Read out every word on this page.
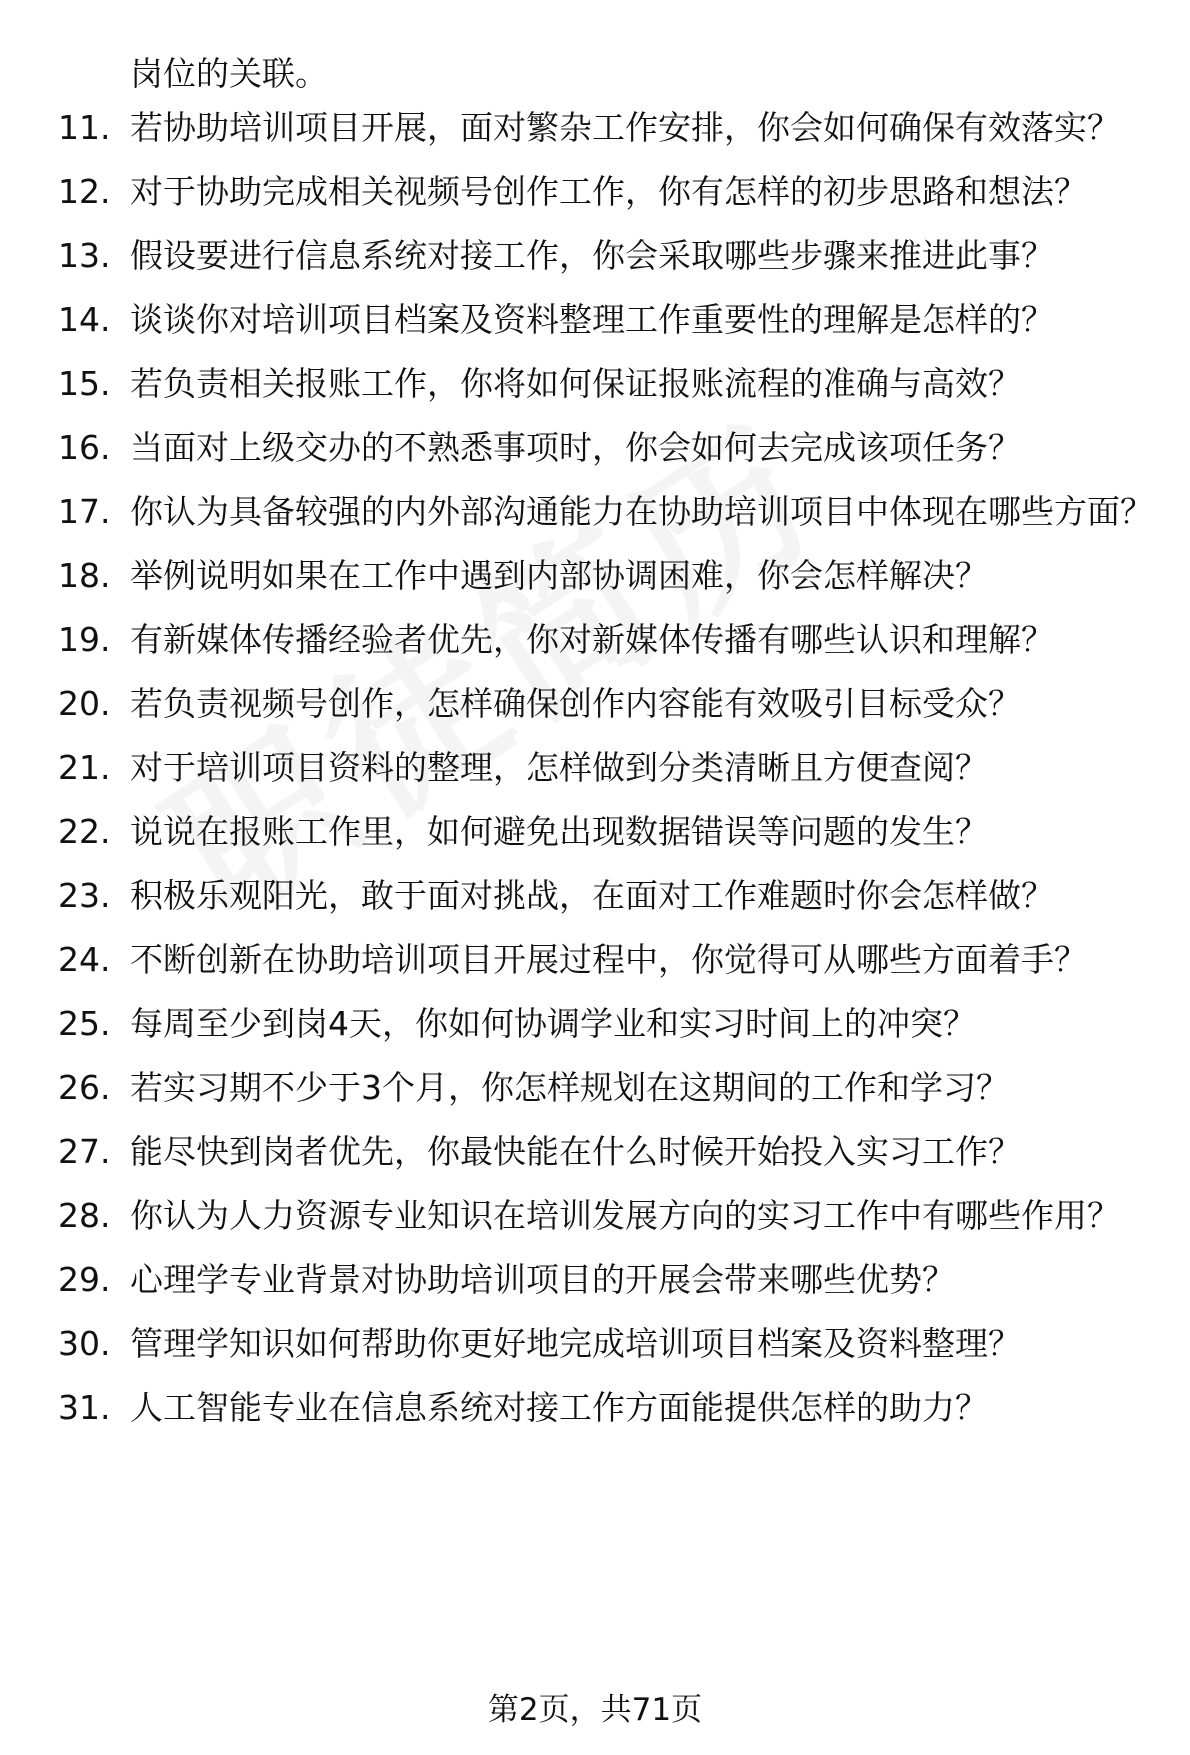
岗位的关联。
11. 若协助培训项目开展，面对繁杂工作安排，你会如何确保有效落实？
12. 对于协助完成相关视频号创作工作，你有怎样的初步思路和想法？
13. 假设要进行信息系统对接工作，你会采取哪些步骤来推进此事？
14. 谈谈你对培训项目档案及资料整理工作重要性的理解是怎样的？
15. 若负责相关报账工作，你将如何保证报账流程的准确与高效？
16. 当面对上级交办的不熟悉事项时，你会如何去完成该项任务？
17. 你认为具备较强的内外部沟通能力在协助培训项目中体现在哪些方面？
18. 举例说明如果在工作中遇到内部协调困难，你会怎样解决？
19. 有新媒体传播经验者优先，你对新媒体传播有哪些认识和理解？
20. 若负责视频号创作，怎样确保创作内容能有效吸引目标受众？
21. 对于培训项目资料的整理，怎样做到分类清晰且方便查阅？
22. 说说在报账工作里，如何避免出现数据错误等问题的发生？
23. 积极乐观阳光，敢于面对挑战，在面对工作难题时你会怎样做？
24. 不断创新在协助培训项目开展过程中，你觉得可从哪些方面着手？
25. 每周至少到岗4天，你如何协调学业和实习时间上的冲突？
26. 若实习期不少于3个月，你怎样规划在这期间的工作和学习？
27. 能尽快到岗者优先，你最快能在什么时候开始投入实习工作？
28. 你认为人力资源专业知识在培训发展方向的实习工作中有哪些作用？
29. 心理学专业背景对协助培训项目的开展会带来哪些优势？
30. 管理学知识如何帮助你更好地完成培训项目档案及资料整理？
31. 人工智能专业在信息系统对接工作方面能提供怎样的助力？
第2页，共71页
